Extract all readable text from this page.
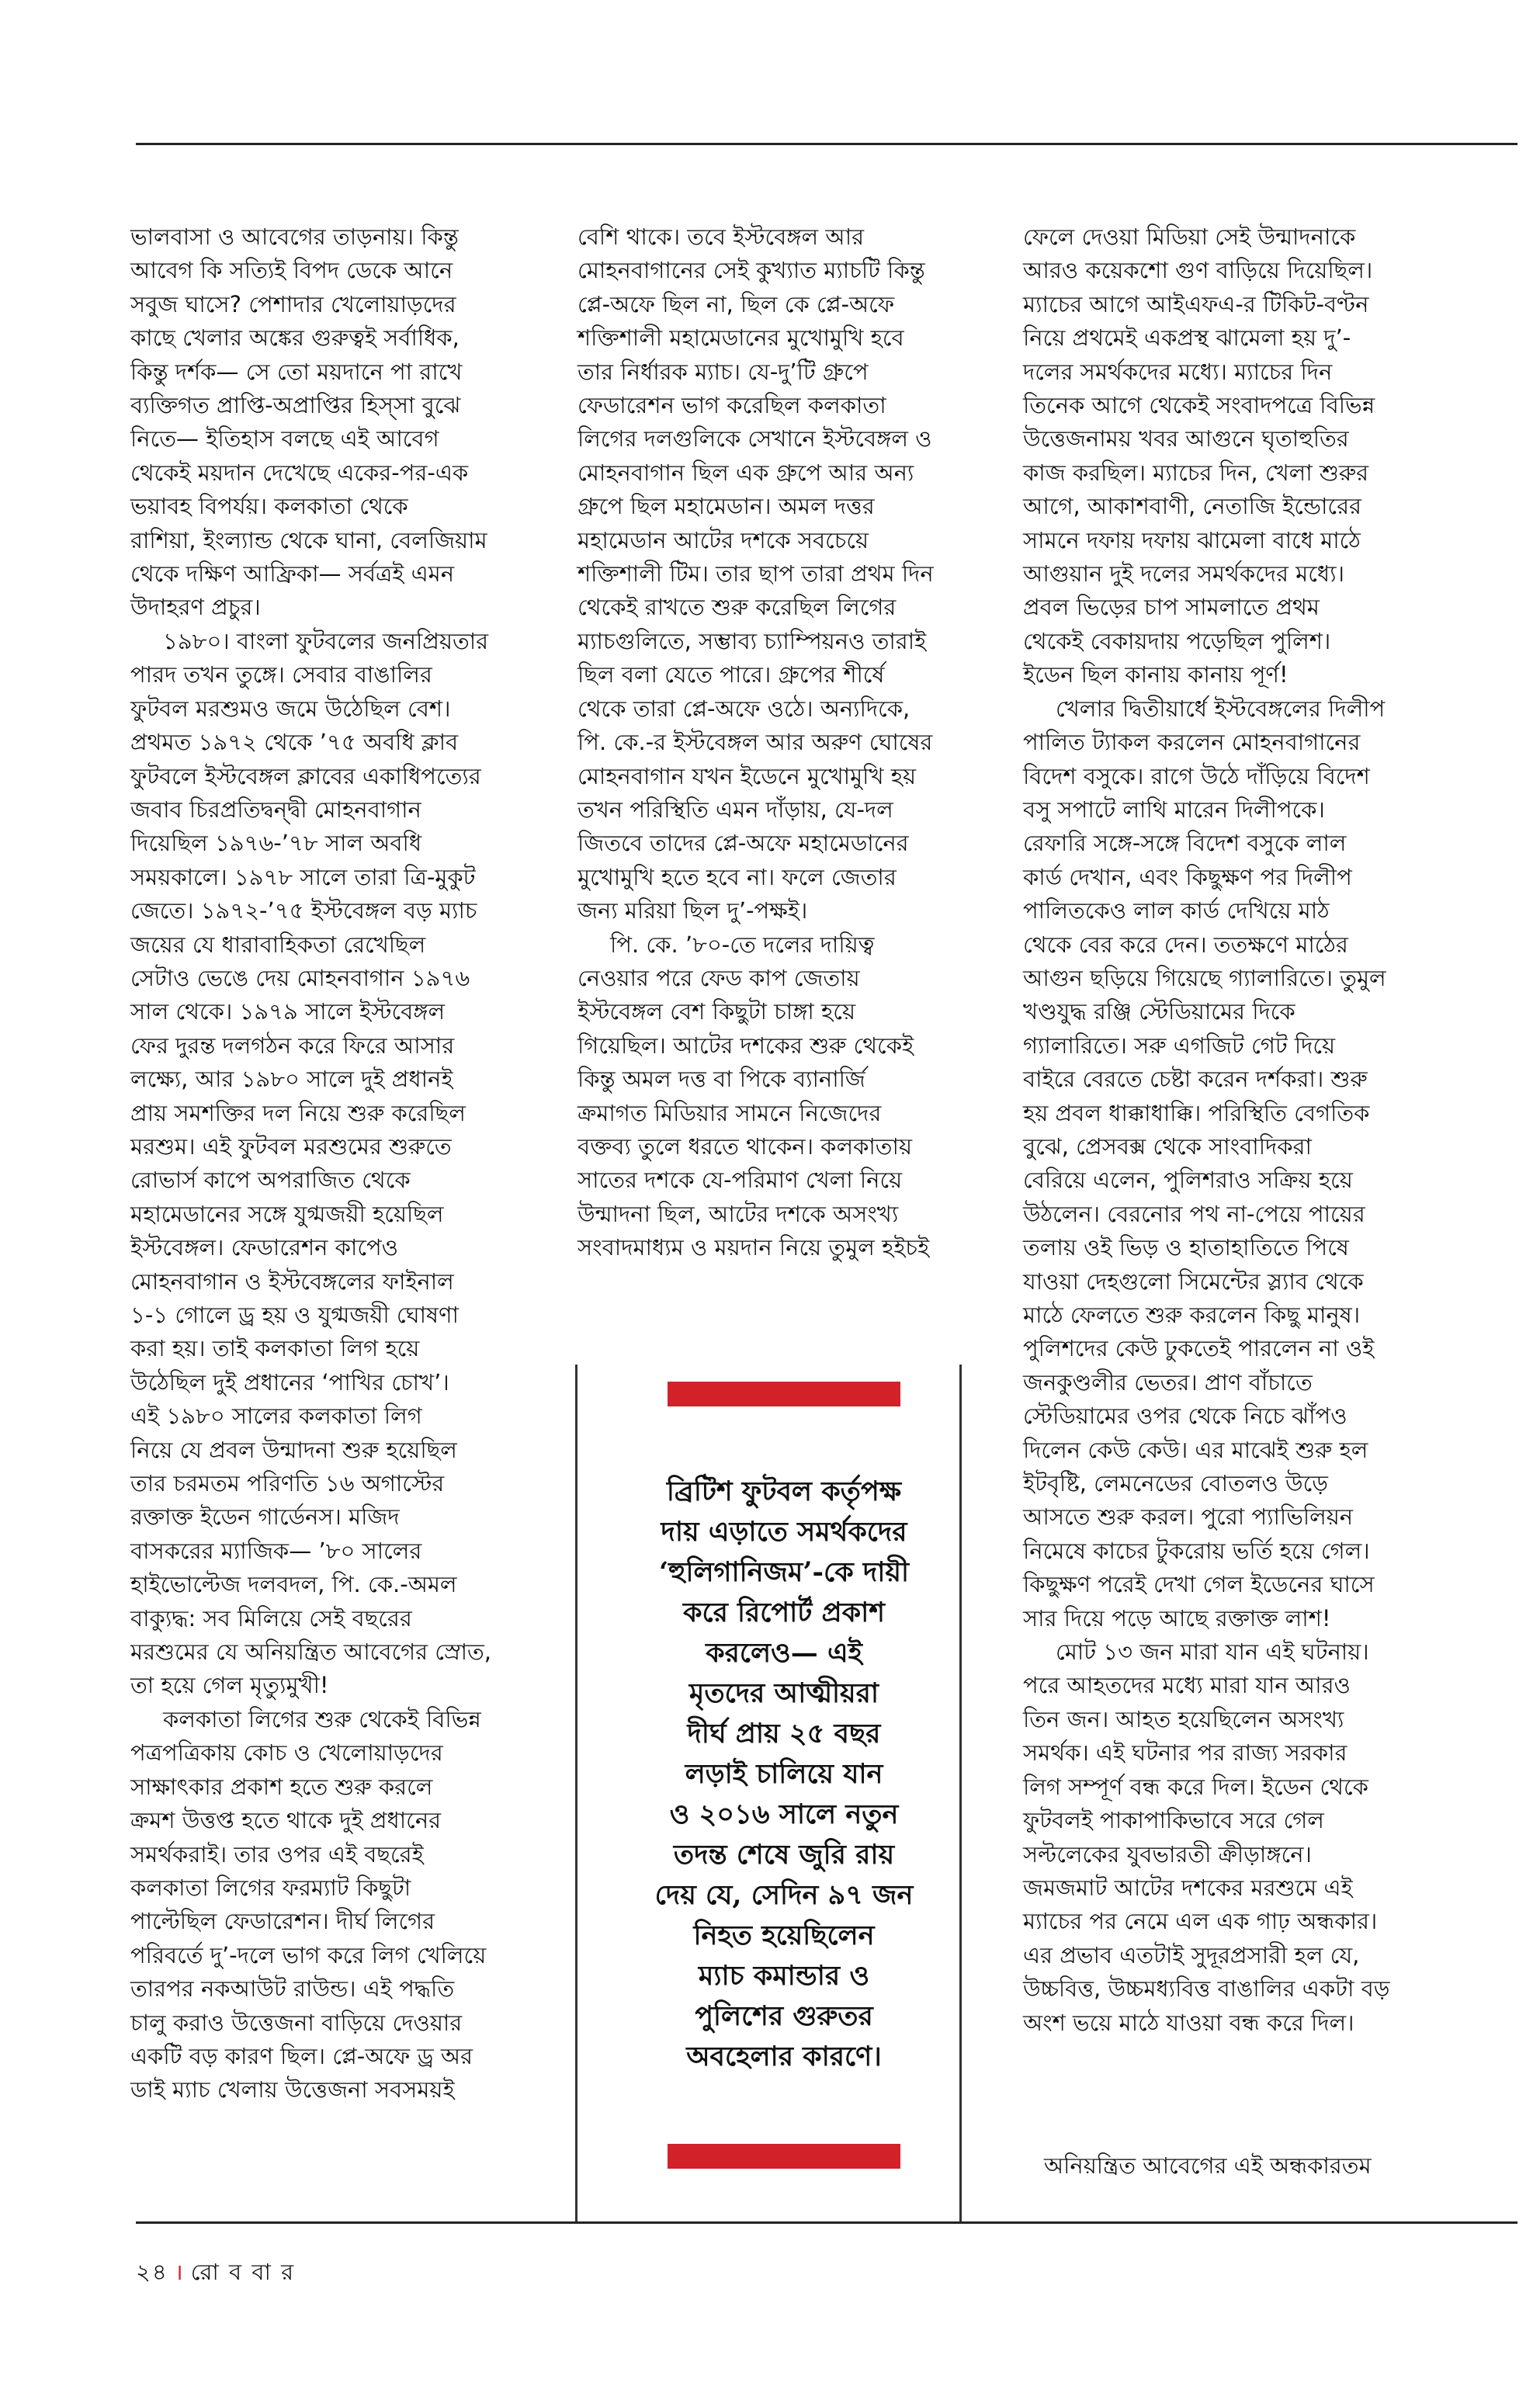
ভালবাসা ও আবেগের তাড়নায়। কিন্তু
আবেগ কি সত্যিই বিপদ ডেকে আনে
সবুজ ঘাসে? পেশাদার খেলোয়াড়দের
কাছে খেলার অঙ্কের গুরুত্বই সর্বাধিক,
কিন্তু দর্শক— সে তো ময়দানে পা রাখে
ব্যক্তিগত প্রাপ্তি-অপ্রাপ্তির হিস্সা বুঝে
নিতে— ইতিহাস বলছে এই আবেগ
থেকেই ময়দান দেখেছে একের-পর-এক
ভয়াবহ বিপর্যয়। কলকাতা থেকে
রাশিয়া, ইংল্যান্ড থেকে ঘানা, বেলজিয়াম
থেকে দক্ষিণ আফ্রিকা— সর্বত্রই এমন
উদাহরণ প্রচুর।

১৯৮০। বাংলা ফুটবলের জনপ্রিয়তার
পারদ তখন তুঙ্গে। সেবার বাঙালির
ফুটবল মরশুমও জমে উঠেছিল বেশ।
প্রথমত ১৯৭২ থেকে ’৭৫ অবধি ক্লাব
ফুটবলে ইস্টবেঙ্গল ক্লাবের একাধিপত্যের
জবাব চিরপ্রতিদ্বন্দ্বী মোহনবাগান
দিয়েছিল ১৯৭৬-’৭৮ সাল অবধি
সময়কালে। ১৯৭৮ সালে তারা ত্রি-মুকুট
জেতে। ১৯৭২-’৭৫ ইস্টবেঙ্গল বড় ম্যাচ
জয়ের যে ধারাবাহিকতা রেখেছিল
সেটাও ভেঙে দেয় মোহনবাগান ১৯৭৬
সাল থেকে। ১৯৭৯ সালে ইস্টবেঙ্গল
ফের দুরন্ত দলগঠন করে ফিরে আসার
লক্ষ্যে, আর ১৯৮০ সালে দুই প্রধানই
প্রায় সমশক্তির দল নিয়ে শুরু করেছিল
মরশুম। এই ফুটবল মরশুমের শুরুতে
রোভার্স কাপে অপরাজিত থেকে
মহামেডানের সঙ্গে যুগ্মজয়ী হয়েছিল
ইস্টবেঙ্গল। ফেডারেশন কাপেও
মোহনবাগান ও ইস্টবেঙ্গলের ফাইনাল
১-১ গোলে ড্র হয় ও যুগ্মজয়ী ঘোষণা
করা হয়। তাই কলকাতা লিগ হয়ে
উঠেছিল দুই প্রধানের ‘পাখির চোখ’।
এই ১৯৮০ সালের কলকাতা লিগ
নিয়ে যে প্রবল উন্মাদনা শুরু হয়েছিল
তার চরমতম পরিণতি ১৬ অগাস্টের
রক্তাক্ত ইডেন গার্ডেনস। মজিদ
বাসকরের ম্যাজিক— ’৮০ সালের
হাইভোল্টেজ দলবদল, পি. কে.-অমল
বাক্যুদ্ধ: সব মিলিয়ে সেই বছরের
মরশুমের যে অনিয়ন্ত্রিত আবেগের স্রোত,
তা হয়ে গেল মৃত্যুমুখী!

কলকাতা লিগের শুরু থেকেই বিভিন্ন
পত্রপত্রিকায় কোচ ও খেলোয়াড়দের
সাক্ষাৎকার প্রকাশ হতে শুরু করলে
ক্রমশ উত্তপ্ত হতে থাকে দুই প্রধানের
সমর্থকরাই। তার ওপর এই বছরেই
কলকাতা লিগের ফরম্যাট কিছুটা
পাল্টেছিল ফেডারেশন। দীর্ঘ লিগের
পরিবর্তে দু’-দলে ভাগ করে লিগ খেলিয়ে
তারপর নকআউট রাউন্ড। এই পদ্ধতি
চালু করাও উত্তেজনা বাড়িয়ে দেওয়ার
একটি বড় কারণ ছিল। প্লে-অফে ড্র অর
ডাই ম্যাচ খেলায় উত্তেজনা সবসময়ই

বেশি থাকে। তবে ইস্টবেঙ্গল আর
মোহনবাগানের সেই কুখ্যাত ম্যাচটি কিন্তু
প্লে-অফে ছিল না, ছিল কে প্লে-অফে
শক্তিশালী মহামেডানের মুখোমুখি হবে
তার নির্ধারক ম্যাচ। যে-দু’টি গ্রুপে
ফেডারেশন ভাগ করেছিল কলকাতা
লিগের দলগুলিকে সেখানে ইস্টবেঙ্গল ও
মোহনবাগান ছিল এক গ্রুপে আর অন্য
গ্রুপে ছিল মহামেডান। অমল দত্তর
মহামেডান আটের দশকে সবচেয়ে
শক্তিশালী টিম। তার ছাপ তারা প্রথম দিন
থেকেই রাখতে শুরু করেছিল লিগের
ম্যাচগুলিতে, সম্ভাব্য চ্যাম্পিয়নও তারাই
ছিল বলা যেতে পারে। গ্রুপের শীর্ষে
থেকে তারা প্লে-অফে ওঠে। অন্যদিকে,
পি. কে.-র ইস্টবেঙ্গল আর অরুণ ঘোষের
মোহনবাগান যখন ইডেনে মুখোমুখি হয়
তখন পরিস্থিতি এমন দাঁড়ায়, যে-দল
জিতবে তাদের প্লে-অফে মহামেডানের
মুখোমুখি হতে হবে না। ফলে জেতার
জন্য মরিয়া ছিল দু’-পক্ষই।

পি. কে. ’৮০-তে দলের দায়িত্ব
নেওয়ার পরে ফেড কাপ জেতায়
ইস্টবেঙ্গল বেশ কিছুটা চাঙ্গা হয়ে
গিয়েছিল। আটের দশকের শুরু থেকেই
কিন্তু অমল দত্ত বা পিকে ব্যানার্জি
ক্রমাগত মিডিয়ার সামনে নিজেদের
বক্তব্য তুলে ধরতে থাকেন। কলকাতায়
সাতের দশকে যে-পরিমাণ খেলা নিয়ে
উন্মাদনা ছিল, আটের দশকে অসংখ্য
সংবাদমাধ্যম ও ময়দান নিয়ে তুমুল হইচই

ব্রিটিশ ফুটবল কর্তৃপক্ষ
দায় এড়াতে সমর্থকদের
‘হুলিগানিজম’-কে দায়ী
করে রিপোর্ট প্রকাশ
করলেও— এই
মৃতদের আত্মীয়রা
দীর্ঘ প্রায় ২৫ বছর
লড়াই চালিয়ে যান
ও ২০১৬ সালে নতুন
তদন্ত শেষে জুরি রায়
দেয় যে, সেদিন ৯৭ জন
নিহত হয়েছিলেন
ম্যাচ কমান্ডার ও
পুলিশের গুরুতর
অবহেলার কারণে।

ফেলে দেওয়া মিডিয়া সেই উন্মাদনাকে
আরও কয়েকশো গুণ বাড়িয়ে দিয়েছিল।
ম্যাচের আগে আইএফএ-র টিকিট-বণ্টন
নিয়ে প্রথমেই একপ্রস্থ ঝামেলা হয় দু’-
দলের সমর্থকদের মধ্যে। ম্যাচের দিন
তিনেক আগে থেকেই সংবাদপত্রে বিভিন্ন
উত্তেজনাময় খবর আগুনে ঘৃতাহুতির
কাজ করছিল। ম্যাচের দিন, খেলা শুরুর
আগে, আকাশবাণী, নেতাজি ইন্ডোরের
সামনে দফায় দফায় ঝামেলা বাধে মাঠে
আগুয়ান দুই দলের সমর্থকদের মধ্যে।
প্রবল ভিড়ের চাপ সামলাতে প্রথম
থেকেই বেকায়দায় পড়েছিল পুলিশ।
ইডেন ছিল কানায় কানায় পূর্ণ!

খেলার দ্বিতীয়ার্ধে ইস্টবেঙ্গলের দিলীপ
পালিত ট্যাকল করলেন মোহনবাগানের
বিদেশ বসুকে। রাগে উঠে দাঁড়িয়ে বিদেশ
বসু সপাটে লাথি মারেন দিলীপকে।
রেফারি সঙ্গে-সঙ্গে বিদেশ বসুকে লাল
কার্ড দেখান, এবং কিছুক্ষণ পর দিলীপ
পালিতকেও লাল কার্ড দেখিয়ে মাঠ
থেকে বের করে দেন। ততক্ষণে মাঠের
আগুন ছড়িয়ে গিয়েছে গ্যালারিতে। তুমুল
খণ্ডযুদ্ধ রঞ্জি স্টেডিয়ামের দিকে
গ্যালারিতে। সরু এগজিট গেট দিয়ে
বাইরে বেরতে চেষ্টা করেন দর্শকরা। শুরু
হয় প্রবল ধাক্কাধাক্কি। পরিস্থিতি বেগতিক
বুঝে, প্রেসবক্স থেকে সাংবাদিকরা
বেরিয়ে এলেন, পুলিশরাও সক্রিয় হয়ে
উঠলেন। বেরনোর পথ না-পেয়ে পায়ের
তলায় ওই ভিড় ও হাতাহাতিতে পিষে
যাওয়া দেহগুলো সিমেন্টের স্ল্যাব থেকে
মাঠে ফেলতে শুরু করলেন কিছু মানুষ।
পুলিশদের কেউ ঢুকতেই পারলেন না ওই
জনকুণ্ডলীর ভেতর। প্রাণ বাঁচাতে
স্টেডিয়ামের ওপর থেকে নিচে ঝাঁপও
দিলেন কেউ কেউ। এর মাঝেই শুরু হল
ইটবৃষ্টি, লেমনেডের বোতলও উড়ে
আসতে শুরু করল। পুরো প্যাভিলিয়ন
নিমেষে কাচের টুকরোয় ভর্তি হয়ে গেল।
কিছুক্ষণ পরেই দেখা গেল ইডেনের ঘাসে
সার দিয়ে পড়ে আছে রক্তাক্ত লাশ!

মোট ১৩ জন মারা যান এই ঘটনায়।
পরে আহতদের মধ্যে মারা যান আরও
তিন জন। আহত হয়েছিলেন অসংখ্য
সমর্থক। এই ঘটনার পর রাজ্য সরকার
লিগ সম্পূর্ণ বন্ধ করে দিল। ইডেন থেকে
ফুটবলই পাকাপাকিভাবে সরে গেল
সল্টলেকের যুবভারতী ক্রীড়াঙ্গনে।
জমজমাট আটের দশকের মরশুমে এই
ম্যাচের পর নেমে এল এক গাঢ় অন্ধকার।
এর প্রভাব এতটাই সুদূরপ্রসারী হল যে,
উচ্চবিত্ত, উচ্চমধ্যবিত্ত বাঙালির একটা বড়
অংশ ভয়ে মাঠে যাওয়া বন্ধ করে দিল।

অনিয়ন্ত্রিত আবেগের এই অন্ধকারতম
২৪ । রো ব বা র
